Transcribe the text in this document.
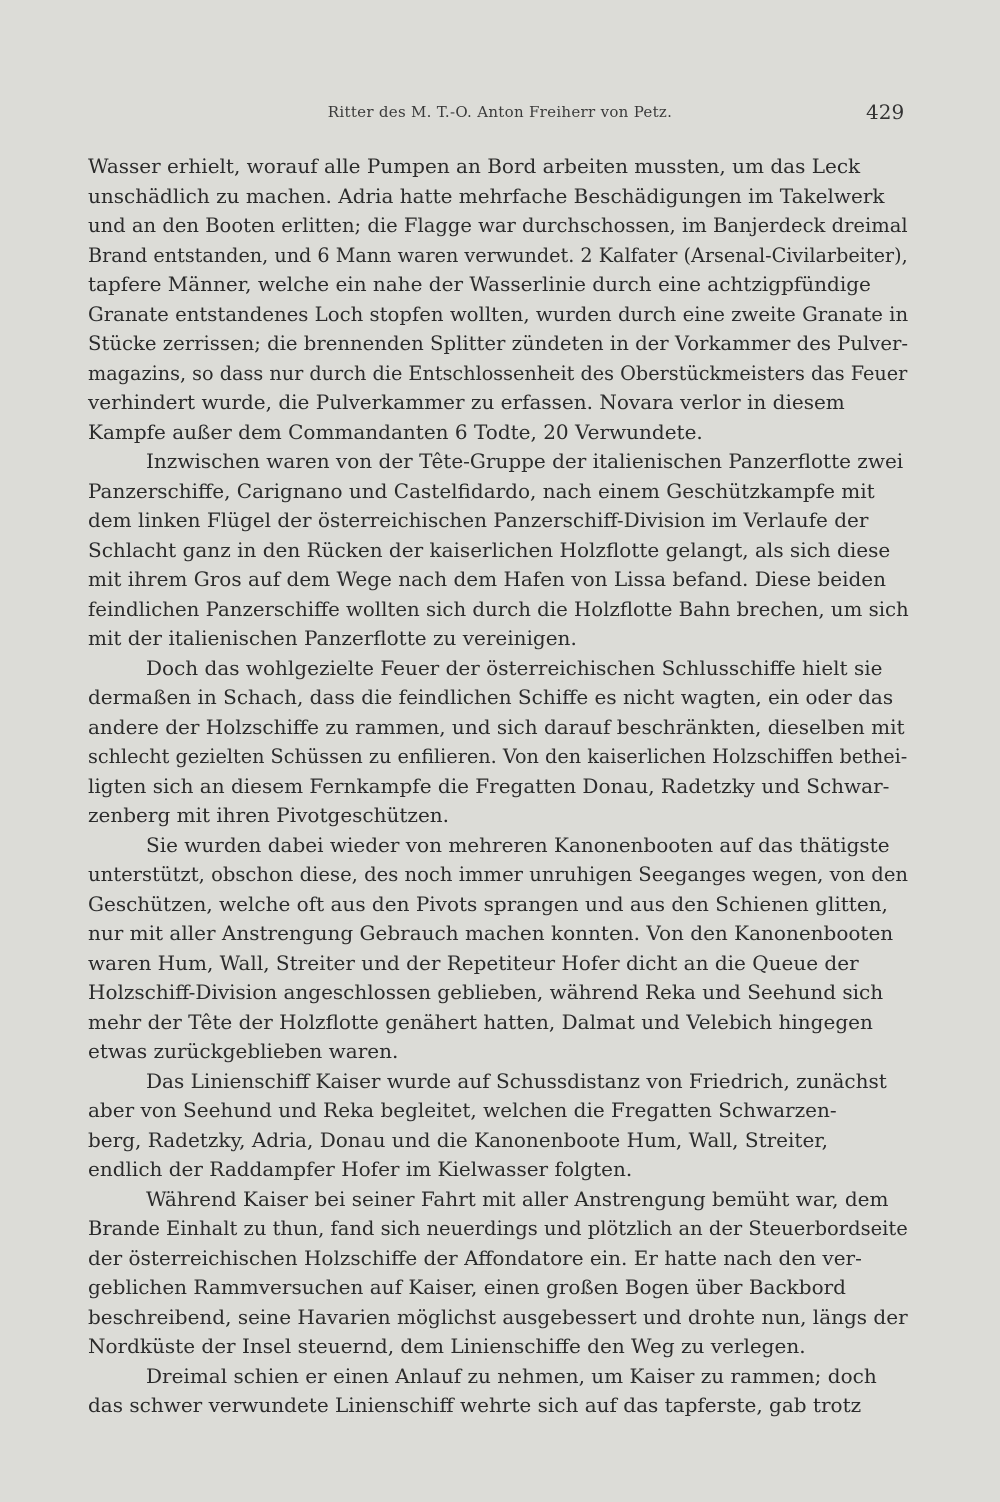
Ritter des M. T.-O. Anton Freiherr von Petz.	429
Wasser erhielt, worauf alle Pumpen an Bord arbeiten mussten, um das Leck
unschädlich zu machen. Adria hatte mehrfache Beschädigungen im Takelwerk
und an den Booten erlitten; die Flagge war durchschossen, im Banjerdeck dreimal
Brand entstanden, und 6 Mann waren verwundet. 2 Kalfater (Arsenal-Civilarbeiter),
tapfere Männer, welche ein nahe der Wasserlinie durch eine achtzigpfündige
Granate entstandenes Loch stopfen wollten, wurden durch eine zweite Granate in
Stücke zerrissen; die brennenden Splitter zündeten in der Vorkammer des Pulver-
magazins, so dass nur durch die Entschlossenheit des Oberstückmeisters das Feuer
verhindert wurde, die Pulverkammer zu erfassen. Novara verlor in diesem
Kampfe außer dem Commandanten 6 Todte, 20 Verwundete.
Inzwischen waren von der Tête-Gruppe der italienischen Panzerflotte zwei
Panzerschiffe, Carignano und Castelfidardo, nach einem Geschützkampfe mit
dem linken Flügel der österreichischen Panzerschiff-Division im Verlaufe der
Schlacht ganz in den Rücken der kaiserlichen Holzflotte gelangt, als sich diese
mit ihrem Gros auf dem Wege nach dem Hafen von Lissa befand. Diese beiden
feindlichen Panzerschiffe wollten sich durch die Holzflotte Bahn brechen, um sich
mit der italienischen Panzerflotte zu vereinigen.
Doch das wohlgezielte Feuer der österreichischen Schlusschiffe hielt sie
dermaßen in Schach, dass die feindlichen Schiffe es nicht wagten, ein oder das
andere der Holzschiffe zu rammen, und sich darauf beschränkten, dieselben mit
schlecht gezielten Schüssen zu enfilieren. Von den kaiserlichen Holzschiffen bethei-
ligten sich an diesem Fernkampfe die Fregatten Donau, Radetzky und Schwar-
zenberg mit ihren Pivotgeschützen.
Sie wurden dabei wieder von mehreren Kanonenbooten auf das thätigste
unterstützt, obschon diese, des noch immer unruhigen Seeganges wegen, von den
Geschützen, welche oft aus den Pivots sprangen und aus den Schienen glitten,
nur mit aller Anstrengung Gebrauch machen konnten. Von den Kanonenbooten
waren Hum, Wall, Streiter und der Repetiteur Hofer dicht an die Queue der
Holzschiff-Division angeschlossen geblieben, während Reka und Seehund sich
mehr der Tête der Holzflotte genähert hatten, Dalmat und Velebich hingegen
etwas zurückgeblieben waren.
Das Linienschiff Kaiser wurde auf Schussdistanz von Friedrich, zunächst
aber von Seehund und Reka begleitet, welchen die Fregatten Schwarzen-
berg, Radetzky, Adria, Donau und die Kanonenboote Hum, Wall, Streiter,
endlich der Raddampfer Hofer im Kielwasser folgten.
Während Kaiser bei seiner Fahrt mit aller Anstrengung bemüht war, dem
Brande Einhalt zu thun, fand sich neuerdings und plötzlich an der Steuerbordseite
der österreichischen Holzschiffe der Affondatore ein. Er hatte nach den ver-
geblichen Rammversuchen auf Kaiser, einen großen Bogen über Backbord
beschreibend, seine Havarien möglichst ausgebessert und drohte nun, längs der
Nordküste der Insel steuernd, dem Linienschiffe den Weg zu verlegen.
Dreimal schien er einen Anlauf zu nehmen, um Kaiser zu rammen; doch
das schwer verwundete Linienschiff wehrte sich auf das tapferste, gab trotz
